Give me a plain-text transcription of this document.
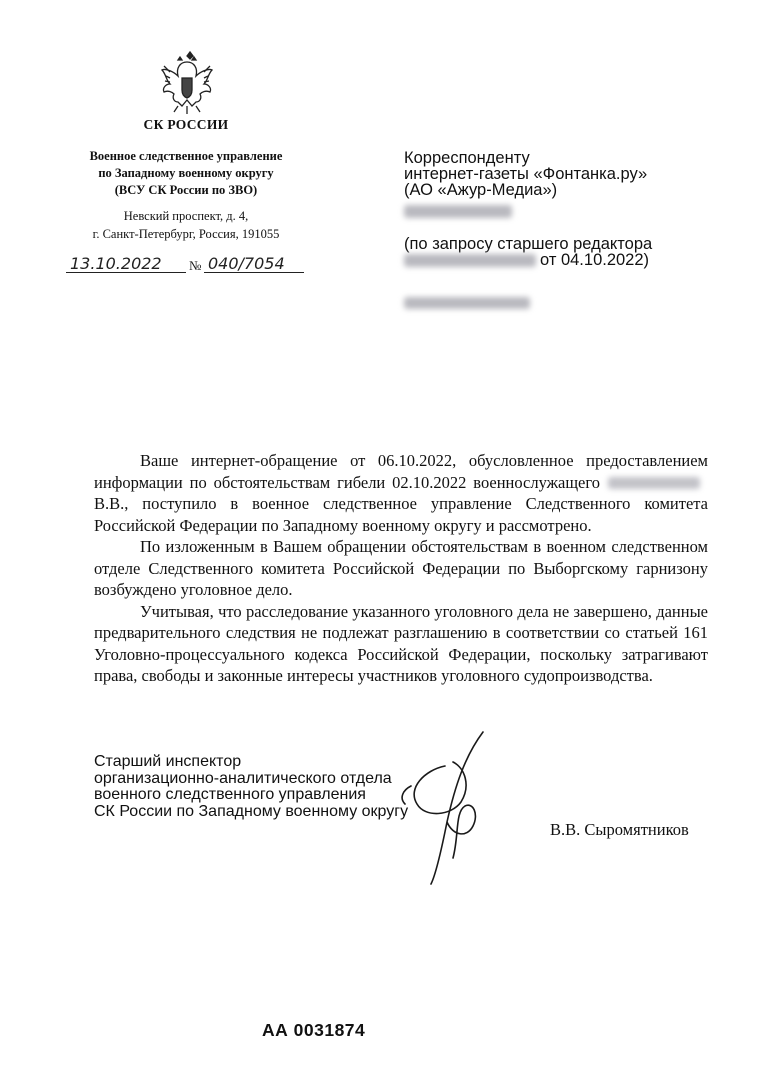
СК РОССИИ
Военное следственное управление
по Западному военному округу
(ВСУ СК России по ЗВО)
Невский проспект, д. 4,
г. Санкт-Петербург, Россия, 191055
13.10.2022 № 040/7054
Корреспонденту
интернет-газеты «Фонтанка.ру»
(АО «Ажур-Медиа»)
(по запросу старшего редактора
от 04.10.2022)

Ваше интернет-обращение от 06.10.2022, обусловленное предоставлением информации по обстоятельствам гибели 02.10.2022 военнослужащегоВ.В., поступило в военное следственное управление Следственного комитета Российской Федерации по Западному военному округу и рассмотрено.

По изложенным в Вашем обращении обстоятельствам в военном следственном отделе Следственного комитета Российской Федерации по Выборгскому гарнизону возбуждено уголовное дело.

Учитывая, что расследование указанного уголовного дела не завершено, данные предварительного следствия не подлежат разглашению в соответствии со статьей 161 Уголовно-процессуального кодекса Российской Федерации, поскольку затрагивают права, свободы и законные интересы участников уголовного судопроизводства.

Старший инспектор
организационно-аналитического отдела
военного следственного управления
СК России по Западному военному округу
В.В. Сыромятников
АА 0031874
